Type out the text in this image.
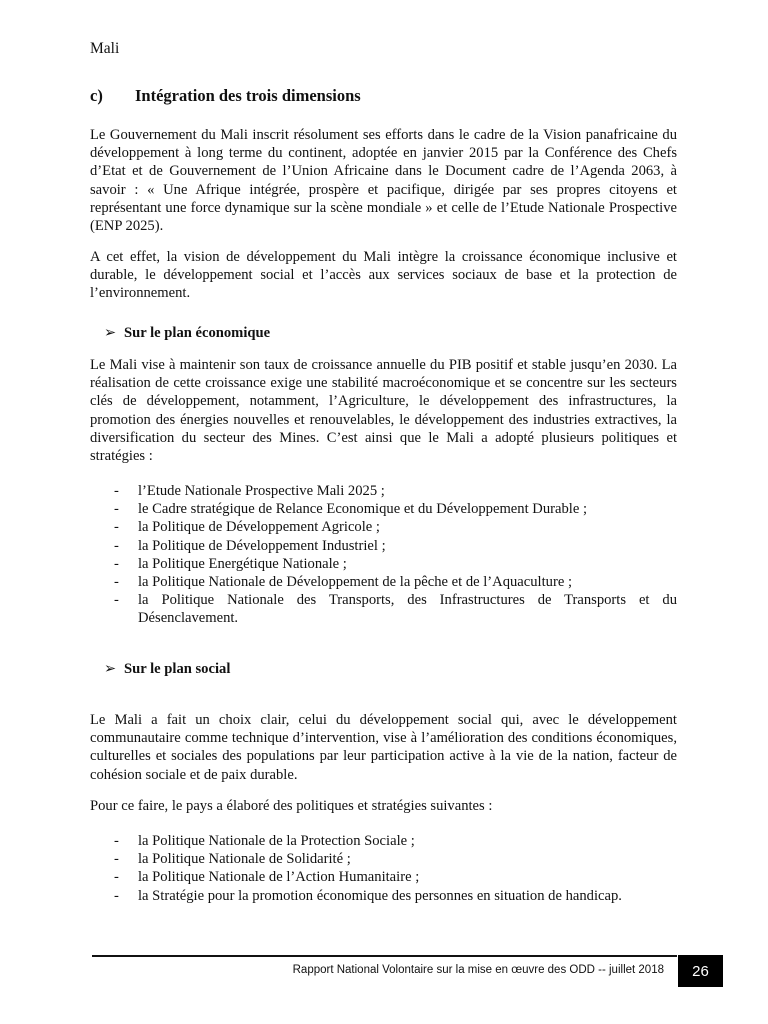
Mali
c) Intégration des trois dimensions

Le Gouvernement du Mali inscrit résolument ses efforts dans le cadre de la Vision panafricaine du développement à long terme du continent, adoptée en janvier 2015 par la Conférence des Chefs d’Etat et de Gouvernement de l’Union Africaine dans le Document cadre de l’Agenda 2063, à savoir : « Une Afrique intégrée, prospère et pacifique, dirigée par ses propres citoyens et représentant une force dynamique sur la scène mondiale » et celle de l’Etude Nationale Prospective (ENP 2025).

A cet effet, la vision de développement du Mali intègre la croissance économique inclusive et durable, le développement social et l’accès aux services sociaux de base et la protection de l’environnement.

➢ Sur le plan économique

Le Mali vise à maintenir son taux de croissance annuelle du PIB positif et stable jusqu’en 2030. La réalisation de cette croissance exige une stabilité macroéconomique et se concentre sur les secteurs clés de développement, notamment, l’Agriculture, le développement des infrastructures, la promotion des énergies nouvelles et renouvelables, le développement des industries extractives, la diversification du secteur des Mines. C’est ainsi que le Mali a adopté plusieurs politiques et stratégies :

- l’Etude Nationale Prospective Mali 2025 ;
- le Cadre stratégique de Relance Economique et du Développement Durable ;
- la Politique de Développement Agricole ;
- la Politique de Développement Industriel ;
- la Politique Energétique Nationale ;
- la Politique Nationale de Développement de la pêche et de l’Aquaculture ;
- la Politique Nationale des Transports, des Infrastructures de Transports et du Désenclavement.
➢ Sur le plan social

Le Mali a fait un choix clair, celui du développement social qui, avec le développement communautaire comme technique d’intervention, vise à l’amélioration des conditions économiques, culturelles et sociales des populations par leur participation active à la vie de la nation, facteur de cohésion sociale et de paix durable.

Pour ce faire, le pays a élaboré des politiques et stratégies suivantes :

- la Politique Nationale de la Protection Sociale ;
- la Politique Nationale de Solidarité ;
- la Politique Nationale de l’Action Humanitaire ;
- la Stratégie pour la promotion économique des personnes en situation de handicap.
Rapport National Volontaire sur la mise en œuvre des ODD -- juillet 2018 26
